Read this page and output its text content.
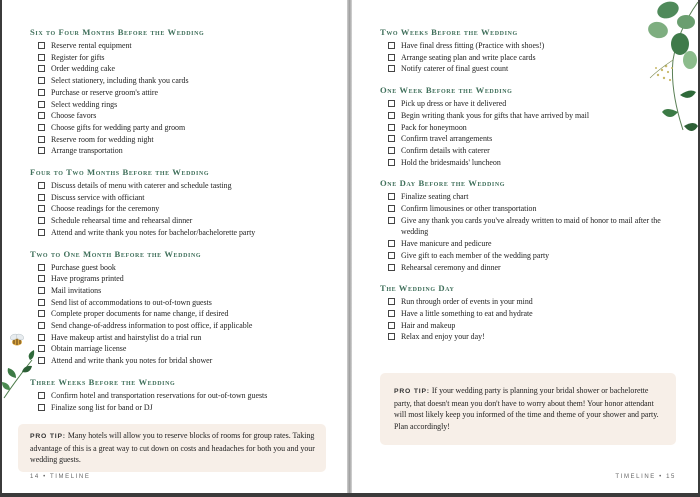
Six to Four Months Before the Wedding
Reserve rental equipment
Register for gifts
Order wedding cake
Select stationery, including thank you cards
Purchase or reserve groom's attire
Select wedding rings
Choose favors
Choose gifts for wedding party and groom
Reserve room for wedding night
Arrange transportation
Four to Two Months Before the Wedding
Discuss details of menu with caterer and schedule tasting
Discuss service with officiant
Choose readings for the ceremony
Schedule rehearsal time and rehearsal dinner
Attend and write thank you notes for bachelor/bachelorette party
Two to One Month Before the Wedding
Purchase guest book
Have programs printed
Mail invitations
Send list of accommodations to out-of-town guests
Complete proper documents for name change, if desired
Send change-of-address information to post office, if applicable
Have makeup artist and hairstylist do a trial run
Obtain marriage license
Attend and write thank you notes for bridal shower
Three Weeks Before the Wedding
Confirm hotel and transportation reservations for out-of-town guests
Finalize song list for band or DJ
PRO TIP: Many hotels will allow you to reserve blocks of rooms for group rates. Taking advantage of this is a great way to cut down on costs and headaches for both you and your wedding guests.
14 • TIMELINE
Two Weeks Before the Wedding
Have final dress fitting (Practice with shoes!)
Arrange seating plan and write place cards
Notify caterer of final guest count
One Week Before the Wedding
Pick up dress or have it delivered
Begin writing thank yous for gifts that have arrived by mail
Pack for honeymoon
Confirm travel arrangements
Confirm details with caterer
Hold the bridesmaids' luncheon
One Day Before the Wedding
Finalize seating chart
Confirm limousines or other transportation
Give any thank you cards you've already written to maid of honor to mail after the wedding
Have manicure and pedicure
Give gift to each member of the wedding party
Rehearsal ceremony and dinner
The Wedding Day
Run through order of events in your mind
Have a little something to eat and hydrate
Hair and makeup
Relax and enjoy your day!
PRO TIP: If your wedding party is planning your bridal shower or bachelorette party, that doesn't mean you don't have to worry about them! Your honor attendant will most likely keep you informed of the time and theme of your shower and party. Plan accordingly!
TIMELINE • 15
